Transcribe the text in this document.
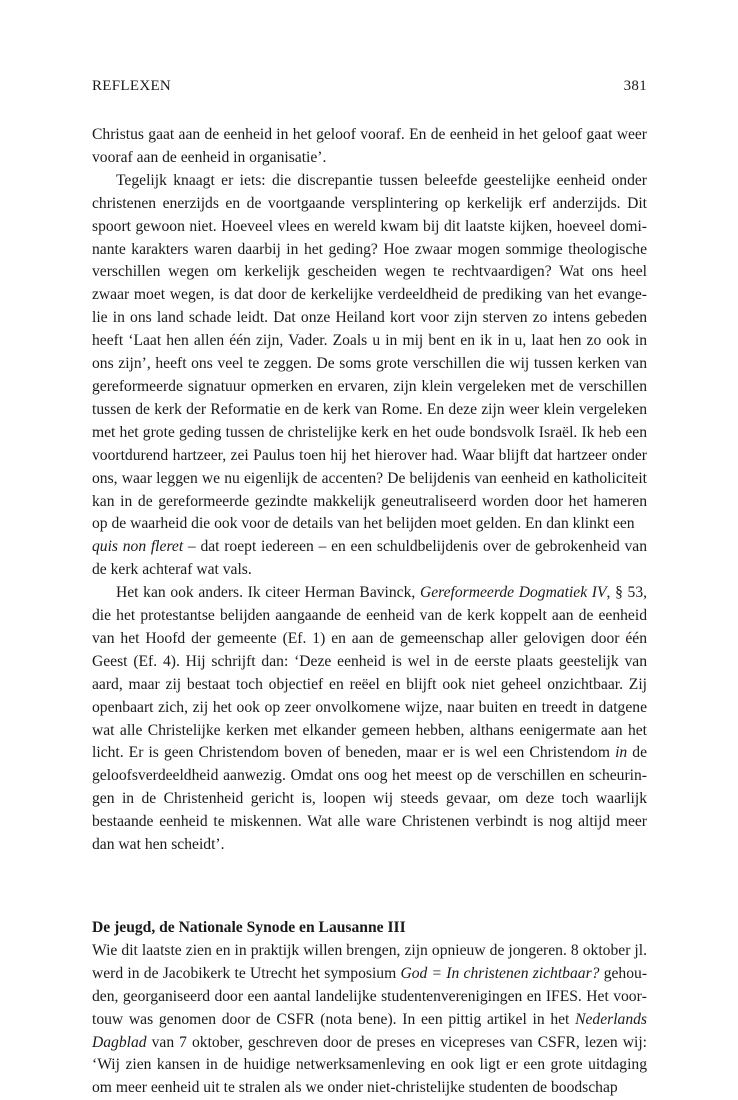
REFLEXEN	381

Christus gaat aan de eenheid in het geloof vooraf. En de eenheid in het geloof gaat weer vooraf aan de eenheid in organisatie’.

Tegelijk knaagt er iets: die discrepantie tussen beleefde geestelijke eenheid onder christenen enerzijds en de voortgaande versplintering op kerkelijk erf anderzijds. Dit spoort gewoon niet. Hoeveel vlees en wereld kwam bij dit laatste kijken, hoeveel dominante karakters waren daarbij in het geding? Hoe zwaar mogen sommige theologische verschillen wegen om kerkelijk gescheiden wegen te rechtvaardigen? Wat ons heel zwaar moet wegen, is dat door de kerkelijke verdeeldheid de prediking van het evangelie in ons land schade leidt. Dat onze Heiland kort voor zijn sterven zo intens gebeden heeft ‘Laat hen allen één zijn, Vader. Zoals u in mij bent en ik in u, laat hen zo ook in ons zijn’, heeft ons veel te zeggen. De soms grote verschillen die wij tussen kerken van gereformeerde signatuur opmerken en ervaren, zijn klein vergeleken met de verschillen tussen de kerk der Reformatie en de kerk van Rome. En deze zijn weer klein vergeleken met het grote geding tussen de christelijke kerk en het oude bondsvolk Israël. Ik heb een voortdurend hartzeer, zei Paulus toen hij het hierover had. Waar blijft dat hartzeer onder ons, waar leggen we nu eigenlijk de accenten? De belijdenis van eenheid en katholiciteit kan in de gereformeerde gezindte makkelijk geneutraliseerd worden door het hameren op de waarheid die ook voor de details van het belijden moet gelden. En dan klinkt een
quis non fleret – dat roept iedereen – en een schuldbelijdenis over de gebrokenheid van de kerk achteraf wat vals.

Het kan ook anders. Ik citeer Herman Bavinck, Gereformeerde Dogmatiek IV, § 53, die het protestantse belijden aangaande de eenheid van de kerk koppelt aan de eenheid van het Hoofd der gemeente (Ef. 1) en aan de gemeenschap aller gelovigen door één Geest (Ef. 4). Hij schrijft dan: ‘Deze eenheid is wel in de eerste plaats geestelijk van aard, maar zij bestaat toch objectief en reëel en blijft ook niet geheel onzichtbaar. Zij openbaart zich, zij het ook op zeer onvolkomene wijze, naar buiten en treedt in datgene wat alle Christelijke kerken met elkander gemeen hebben, althans eenigermate aan het licht. Er is geen Christendom boven of beneden, maar er is wel een Christendom in de geloofsverdeeldheid aanwezig. Omdat ons oog het meest op de verschillen en scheuringen in de Christenheid gericht is, loopen wij steeds gevaar, om deze toch waarlijk bestaande eenheid te miskennen. Wat alle ware Christenen verbindt is nog altijd meer dan wat hen scheidt’.

De jeugd, de Nationale Synode en Lausanne III

Wie dit laatste zien en in praktijk willen brengen, zijn opnieuw de jongeren. 8 oktober jl. werd in de Jacobikerk te Utrecht het symposium God = In christenen zichtbaar? gehouden, georganiseerd door een aantal landelijke studentenverenigingen en IFES. Het voortouw was genomen door de CSFR (nota bene). In een pittig artikel in het Nederlands Dagblad van 7 oktober, geschreven door de preses en vicepreses van CSFR, lezen wij: ‘Wij zien kansen in de huidige netwerksamenleving en ook ligt er een grote uitdaging om meer eenheid uit te stralen als we onder niet-christelijke studenten de boodschap
